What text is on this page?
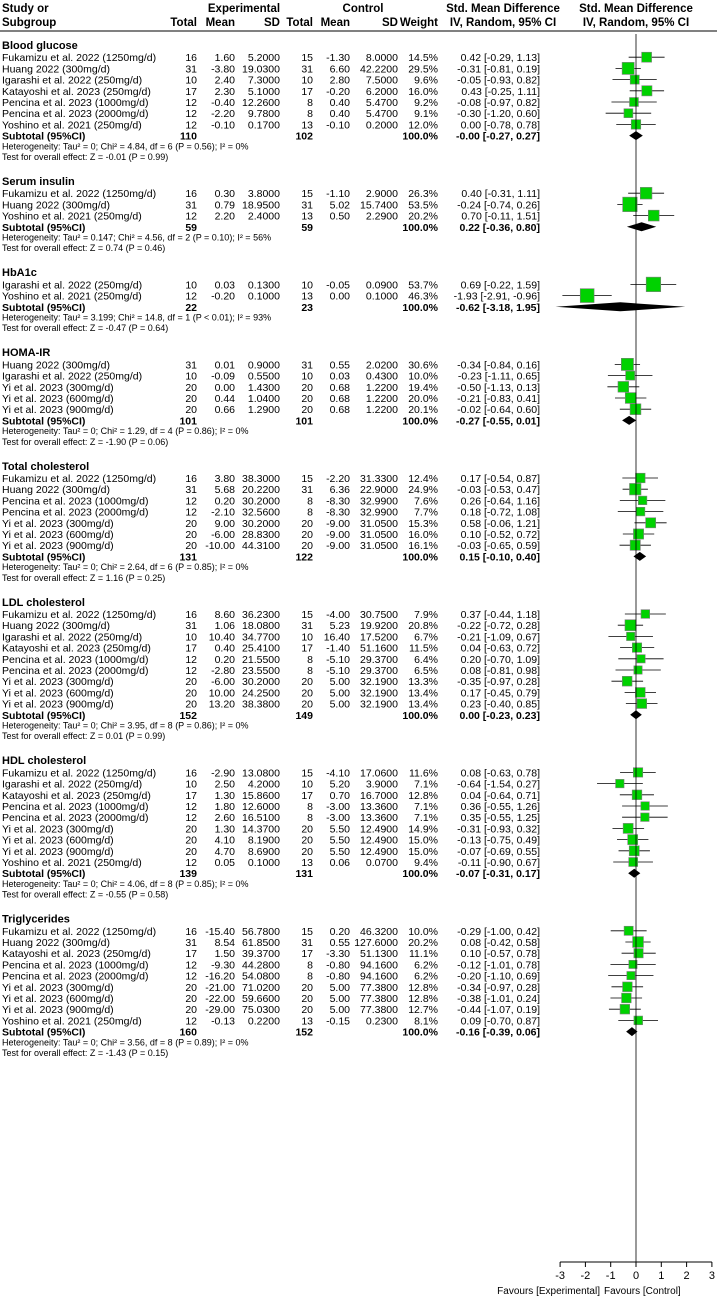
Study or
Subgroup
Experimental
Total Mean	SD
Control
Total Mean	SD Weight
Std. Mean Difference
IV, Random, 95% CI
Std. Mean Difference
IV, Random, 95% CI
Blood glucose
Fukamizu et al. 2022 (1250mg/d)	16 1.60 5.2000 15 -1.30 8.0000 14.5% 0.42 [-0.29, 1.13]
Huang 2022 (300mg/d)	31 -3.80 19.0300 31 6.60 42.2200 29.5% -0.31 [-0.81, 0.19]
Igarashi et al. 2022 (250mg/d)	10 2.40 7.3000 10 2.80 7.5000 9.6% -0.05 [-0.93, 0.82]
Katayoshi et al. 2023 (250mg/d)	17 2.30 5.1000 17 -0.20 6.2000 16.0% 0.43 [-0.25, 1.11]
Pencina et al. 2023 (1000mg/d)	12 -0.40 12.2600	8 0.40 5.4700 9.2% -0.08 [-0.97, 0.82]
Pencina et al. 2023 (2000mg/d)	12 -2.20 9.7800	8 0.40 5.4700 9.1% -0.30 [-1.20, 0.60]
Yoshino et al. 2021 (250mg/d)	12 -0.10 0.1700 13 -0.10 0.2000 12.0% 0.00 [-0.78, 0.78]
Subtotal (95%CI)	110	102	100.0% -0.00 [-0.27, 0.27]
Heterogeneity: Tau² = 0; Chi² = 4.84, df = 6 (P = 0.56); I² = 0%
Test for overall effect: Z = -0.01 (P = 0.99)
Serum insulin
Fukamizu et al. 2022 (1250mg/d)	16 0.30 3.8000 15 -1.10 2.9000 26.3% 0.40 [-0.31, 1.11]
Huang 2022 (300mg/d)	31 0.79 18.9500 31 5.02 15.7400 53.5% -0.24 [-0.74, 0.26]
Yoshino et al. 2021 (250mg/d)	12 2.20 2.4000 13 0.50 2.2900 20.2% 0.70 [-0.11, 1.51]
Subtotal (95%CI)	59	59	100.0% 0.22 [-0.36, 0.80]
Heterogeneity: Tau² = 0.147; Chi² = 4.56, df = 2 (P = 0.10); I² = 56%
Test for overall effect: Z = 0.74 (P = 0.46)
HbA1c
Igarashi et al. 2022 (250mg/d)	10 0.03 0.1300 10 -0.05 0.0900 53.7% 0.69 [-0.22, 1.59]
Yoshino et al. 2021 (250mg/d)	12 -0.20 0.1000 13 0.00 0.1000 46.3% -1.93 [-2.91, -0.96]
Subtotal (95%CI)	22	23	100.0% -0.62 [-3.18, 1.95]
Heterogeneity: Tau² = 3.199; Chi² = 14.8, df = 1 (P < 0.01); I² = 93%
Test for overall effect: Z = -0.47 (P = 0.64)
HOMA-IR
Huang 2022 (300mg/d)	31 0.01 0.9000 31 0.55 2.0200 30.6% -0.34 [-0.84, 0.16]
Igarashi et al. 2022 (250mg/d)	10 -0.09 0.5500 10 0.03 0.4300 10.0% -0.23 [-1.11, 0.65]
Yi et al. 2023 (300mg/d)	20 0.00 1.4300 20 0.68 1.2200 19.4% -0.50 [-1.13, 0.13]
Yi et al. 2023 (600mg/d)	20 0.44 1.0400 20 0.68 1.2200 20.0% -0.21 [-0.83, 0.41]
Yi et al. 2023 (900mg/d)	20 0.66 1.2900 20 0.68 1.2200 20.1% -0.02 [-0.64, 0.60]
Subtotal (95%CI)	101	101	100.0% -0.27 [-0.55, 0.01]
Heterogeneity: Tau² = 0; Chi² = 1.29, df = 4 (P = 0.86); I² = 0%
Test for overall effect: Z = -1.90 (P = 0.06)
Total cholesterol
Fukamizu et al. 2022 (1250mg/d)	16 3.80 38.3000 15 -2.20 31.3300 12.4% 0.17 [-0.54, 0.87]
Huang 2022 (300mg/d)	31 5.68 20.2200 31 6.36 22.9000 24.9% -0.03 [-0.53, 0.47]
Pencina et al. 2023 (1000mg/d)	12 0.20 30.2000	8 -8.30 32.9900 7.6% 0.26 [-0.64, 1.16]
Pencina et al. 2023 (2000mg/d)	12 -2.10 32.5600	8 -8.30 32.9900 7.7% 0.18 [-0.72, 1.08]
Yi et al. 2023 (300mg/d)	20 9.00 30.2000 20 -9.00 31.0500 15.3% 0.58 [-0.06, 1.21]
Yi et al. 2023 (600mg/d)	20 -6.00 28.8300 20 -9.00 31.0500 16.0% 0.10 [-0.52, 0.72]
Yi et al. 2023 (900mg/d)	20 -10.00 44.3100 20 -9.00 31.0500 16.1% -0.03 [-0.65, 0.59]
Subtotal (95%CI)	131	122	100.0% 0.15 [-0.10, 0.40]
Heterogeneity: Tau² = 0; Chi² = 2.64, df = 6 (P = 0.85); I² = 0%
Test for overall effect: Z = 1.16 (P = 0.25)
LDL cholesterol
Fukamizu et al. 2022 (1250mg/d)	16 8.60 36.2300 15 -4.00 30.7500 7.9% 0.37 [-0.44, 1.18]
Huang 2022 (300mg/d)	31 1.06 18.0800 31 5.23 19.9200 20.8% -0.22 [-0.72, 0.28]
Igarashi et al. 2022 (250mg/d)	10 10.40 34.7700 10 16.40 17.5200 6.7% -0.21 [-1.09, 0.67]
Katayoshi et al. 2023 (250mg/d)	17 0.40 25.4100 17 -1.40 51.1600 11.5% 0.04 [-0.63, 0.72]
Pencina et al. 2023 (1000mg/d)	12 0.20 21.5500	8 -5.10 29.3700 6.4% 0.20 [-0.70, 1.09]
Pencina et al. 2023 (2000mg/d)	12 -2.80 23.5500	8 -5.10 29.3700 6.5% 0.08 [-0.81, 0.98]
Yi et al. 2023 (300mg/d)	20 -6.00 30.2000 20 5.00 32.1900 13.3% -0.35 [-0.97, 0.28]
Yi et al. 2023 (600mg/d)	20 10.00 24.2500 20 5.00 32.1900 13.4% 0.17 [-0.45, 0.79]
Yi et al. 2023 (900mg/d)	20 13.20 38.3800 20 5.00 32.1900 13.4% 0.23 [-0.40, 0.85]
Subtotal (95%CI)	152	149	100.0% 0.00 [-0.23, 0.23]
Heterogeneity: Tau² = 0; Chi² = 3.95, df = 8 (P = 0.86); I² = 0%
Test for overall effect: Z = 0.01 (P = 0.99)
HDL cholesterol
Fukamizu et al. 2022 (1250mg/d)	16 -2.90 13.0800 15 -4.10 17.0600 11.6% 0.08 [-0.63, 0.78]
Igarashi et al. 2022 (250mg/d)	10 2.50 4.2000 10 5.20 3.9000 7.1% -0.64 [-1.54, 0.27]
Katayoshi et al. 2023 (250mg/d)	17 1.30 15.8600 17 0.70 16.7000 12.8% 0.04 [-0.64, 0.71]
Pencina et al. 2023 (1000mg/d)	12 1.80 12.6000	8 -3.00 13.3600 7.1% 0.36 [-0.55, 1.26]
Pencina et al. 2023 (2000mg/d)	12 2.60 16.5100	8 -3.00 13.3600 7.1% 0.35 [-0.55, 1.25]
Yi et al. 2023 (300mg/d)	20 1.30 14.3700 20 5.50 12.4900 14.9% -0.31 [-0.93, 0.32]
Yi et al. 2023 (600mg/d)	20 4.10 8.1900 20 5.50 12.4900 15.0% -0.13 [-0.75, 0.49]
Yi et al. 2023 (900mg/d)	20 4.70 8.6900 20 5.50 12.4900 15.0% -0.07 [-0.69, 0.55]
Yoshino et al. 2021 (250mg/d)	12 0.05 0.1000 13 0.06 0.0700 9.4% -0.11 [-0.90, 0.67]
Subtotal (95%CI)	139	131	100.0% -0.07 [-0.31, 0.17]
Heterogeneity: Tau² = 0; Chi² = 4.06, df = 8 (P = 0.85); I² = 0%
Test for overall effect: Z = -0.55 (P = 0.58)
Triglycerides
Fukamizu et al. 2022 (1250mg/d)	16 -15.40 56.7800 15 0.20 46.3200 10.0% -0.29 [-1.00, 0.42]
Huang 2022 (300mg/d)	31 8.54 61.8500 31 0.55 127.6000 20.2% 0.08 [-0.42, 0.58]
Katayoshi et al. 2023 (250mg/d)	17 1.50 39.3700 17 -3.30 51.1300 11.1% 0.10 [-0.57, 0.78]
Pencina et al. 2023 (1000mg/d)	12 -9.30 44.2800	8 -0.80 94.1600 6.2% -0.12 [-1.01, 0.78]
Pencina et al. 2023 (2000mg/d)	12 -16.20 54.0800	8 -0.80 94.1600 6.2% -0.20 [-1.10, 0.69]
Yi et al. 2023 (300mg/d)	20 -21.00 71.0200 20 5.00 77.3800 12.8% -0.34 [-0.97, 0.28]
Yi et al. 2023 (600mg/d)	20 -22.00 59.6600 20 5.00 77.3800 12.8% -0.38 [-1.01, 0.24]
Yi et al. 2023 (900mg/d)	20 -29.00 75.0300 20 5.00 77.3800 12.7% -0.44 [-1.07, 0.19]
Yoshino et al. 2021 (250mg/d)	12 -0.13 0.2200 13 -0.15 0.2300 8.1% 0.09 [-0.70, 0.87]
Subtotal (95%CI)	160	152	100.0% -0.16 [-0.39, 0.06]
Heterogeneity: Tau² = 0; Chi² = 3.56, df = 8 (P = 0.89); I² = 0%
Test for overall effect: Z = -1.43 (P = 0.15)
Favours [Experimental] Favours [Control]
-3 -2 -1 0 1 2 3
